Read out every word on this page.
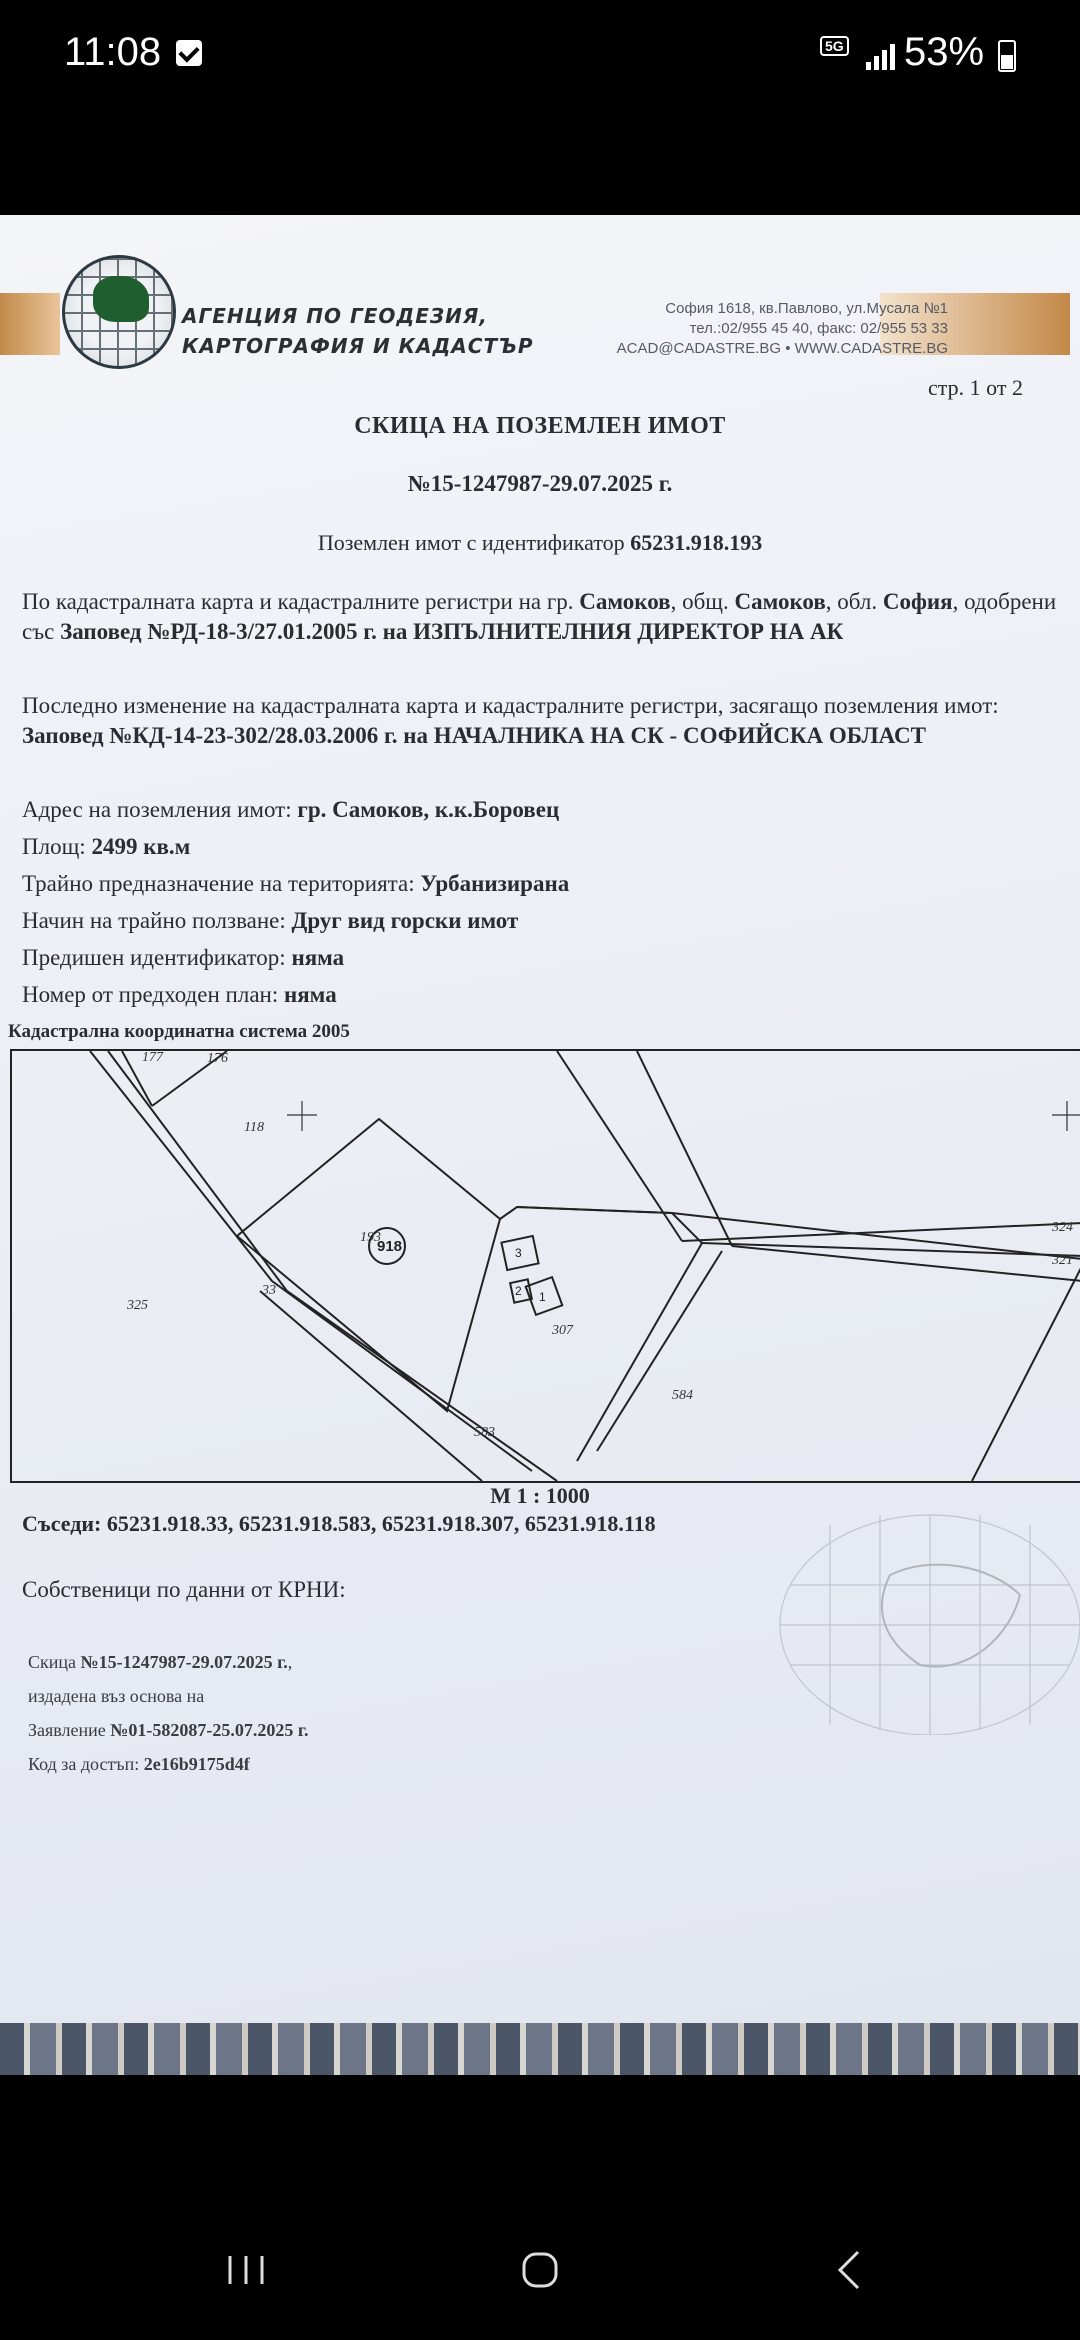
11:08	5G 53%
АГЕНЦИЯ ПО ГЕОДЕЗИЯ,
КАРТОГРАФИЯ И КАДАСТЪР
София 1618, кв.Павлово, ул.Мусала №1
тел.:02/955 45 40, факс: 02/955 53 33
ACAD@CADASTRE.BG • WWW.CADASTRE.BG
стр. 1 от 2
СКИЦА НА ПОЗЕМЛЕН ИМОТ
№15-1247987-29.07.2025 г.
Поземлен имот с идентификатор 65231.918.193
По кадастралната карта и кадастралните регистри на гр. Самоков, общ. Самоков, обл. София, одобрени със Заповед №РД-18-3/27.01.2005 г. на ИЗПЪЛНИТЕЛНИЯ ДИРЕКТОР НА АК
Последно изменение на кадастралната карта и кадастралните регистри, засягащо поземления имот: Заповед №КД-14-23-302/28.03.2006 г. на НАЧАЛНИКА НА СК - СОФИЙСКА ОБЛАСТ
Адрес на поземления имот: гр. Самоков, к.к.Боровец
Площ: 2499 кв.м
Трайно предназначение на територията: Урбанизирана
Начин на трайно ползване: Друг вид горски имот
Предишен идентификатор: няма
Номер от предходен план: няма
Кадастрална координатна система 2005
177	176
118
193
33
325
307
324
321
584
583
918	3
2 1
М 1 : 1000
Съседи: 65231.918.33, 65231.918.583, 65231.918.307, 65231.918.118
Собственици по данни от КРНИ:
Скица №15-1247987-29.07.2025 г.,
издадена въз основа на
Заявление №01-582087-25.07.2025 г.
Код за достъп: 2e16b9175d4f
